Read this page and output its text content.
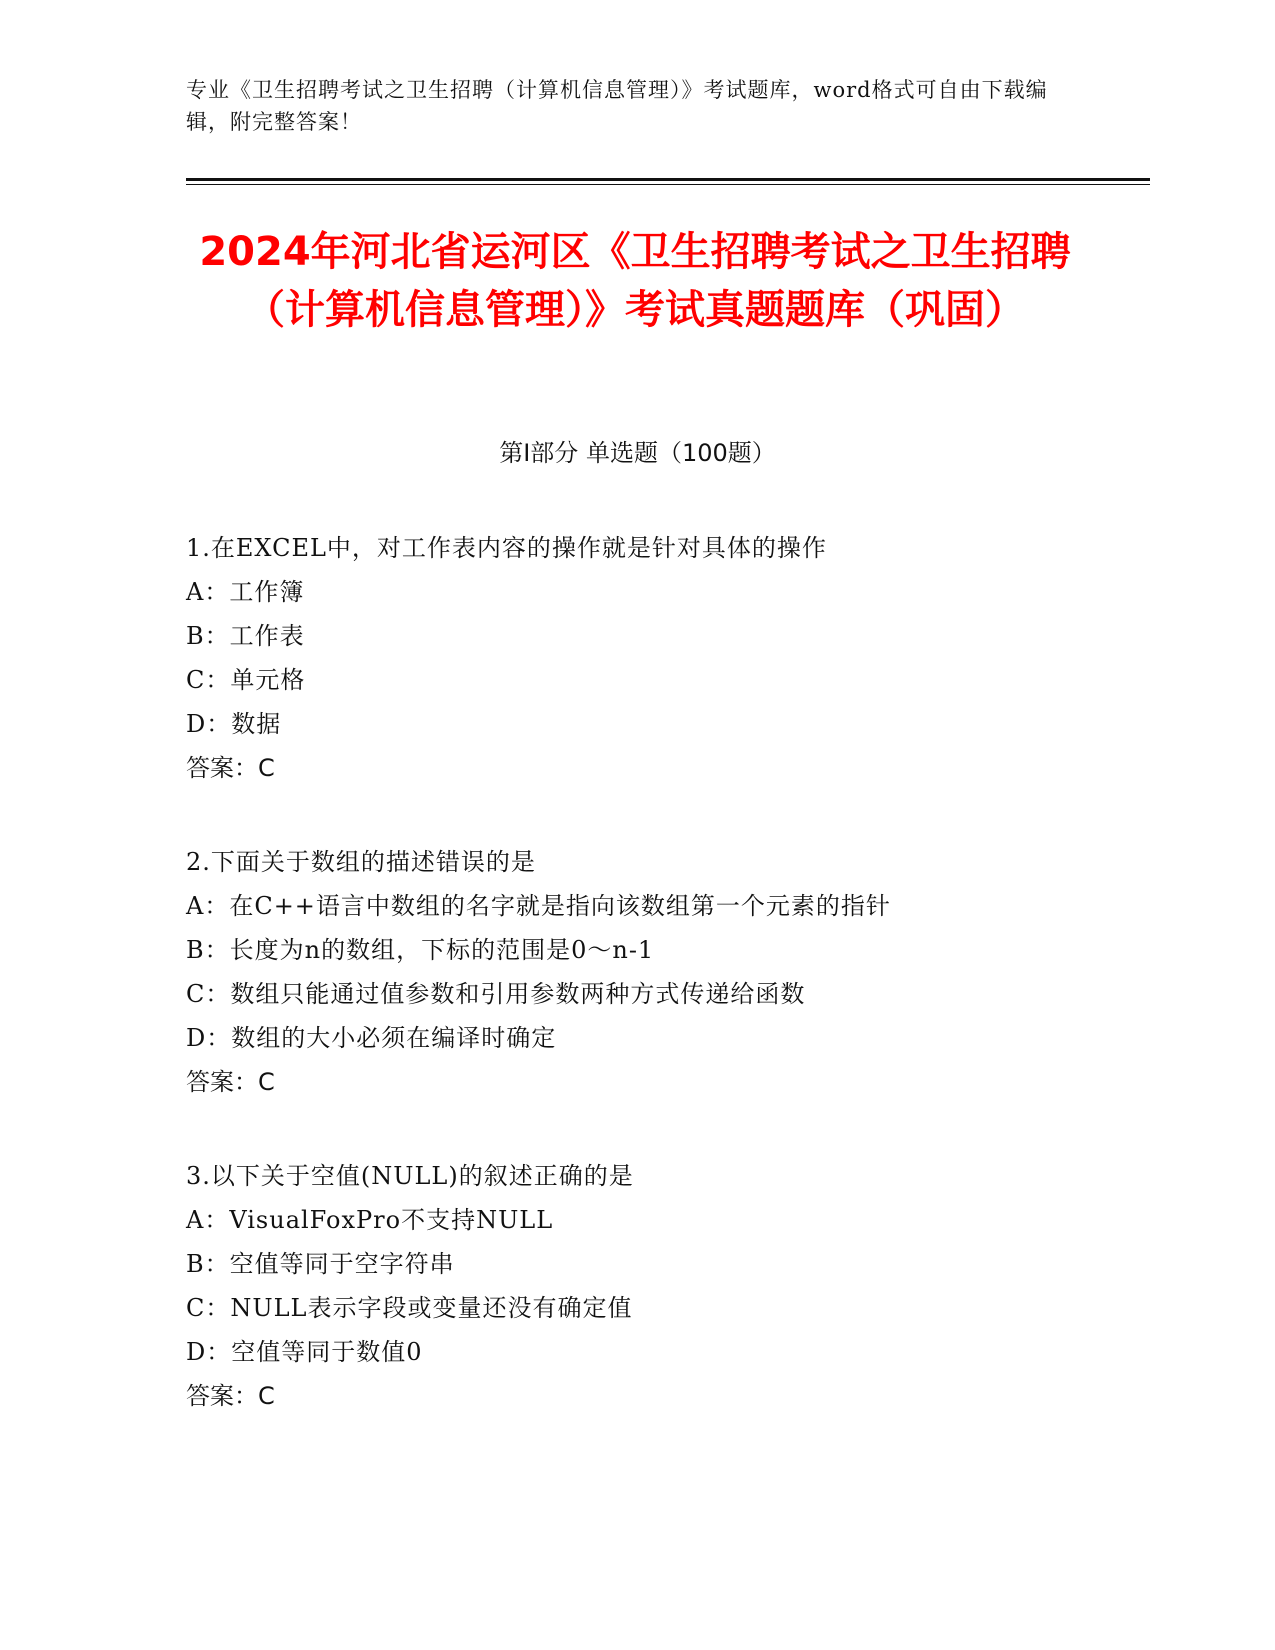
专业《卫生招聘考试之卫生招聘（计算机信息管理）》考试题库，word格式可自由下载编辑，附完整答案！
2024年河北省运河区《卫生招聘考试之卫生招聘（计算机信息管理）》考试真题题库（巩固）
第Ⅰ部分 单选题（100题）
1.在EXCEL中，对工作表内容的操作就是针对具体的操作
A：工作簿
B：工作表
C：单元格
D：数据
答案：C
2.下面关于数组的描述错误的是
A：在C++语言中数组的名字就是指向该数组第一个元素的指针
B：长度为n的数组，下标的范围是0～n-1
C：数组只能通过值参数和引用参数两种方式传递给函数
D：数组的大小必须在编译时确定
答案：C
3.以下关于空值(NULL)的叙述正确的是
A：VisualFoxPro不支持NULL
B：空值等同于空字符串
C：NULL表示字段或变量还没有确定值
D：空值等同于数值0
答案：C
